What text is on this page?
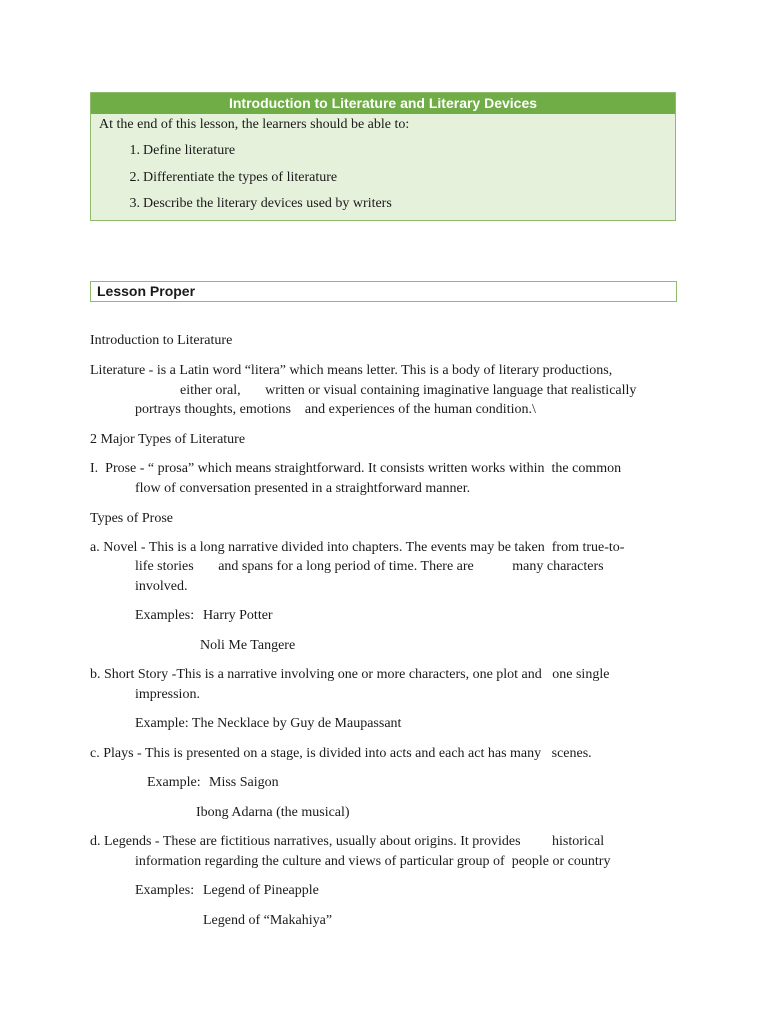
Introduction to Literature and Literary Devices
At the end of this lesson, the learners should be able to:
1. Define literature
2. Differentiate the types of literature
3. Describe the literary devices used by writers
Lesson Proper
Introduction to Literature
Literature - is a Latin word “litera” which means letter. This is a body of literary productions,
either oral,       written or visual containing imaginative language that realistically
portrays thoughts, emotions    and experiences of the human condition.\
2 Major Types of Literature
I.  Prose - “ prosa” which means straightforward. It consists written works within  the common
flow of conversation presented in a straightforward manner.
Types of Prose
a. Novel - This is a long narrative divided into chapters. The events may be taken  from true-to-
life stories       and spans for a long period of time. There are           many characters
involved.
Examples: Harry Potter
Noli Me Tangere
b. Short Story -This is a narrative involving one or more characters, one plot and   one single
impression.
Example: The Necklace by Guy de Maupassant
c. Plays - This is presented on a stage, is divided into acts and each act has many   scenes.
Example: Miss Saigon
Ibong Adarna (the musical)
d. Legends - These are fictitious narratives, usually about origins. It provides         historical
information regarding the culture and views of particular group of  people or country
Examples: Legend of Pineapple
Legend of “Makahiya”
